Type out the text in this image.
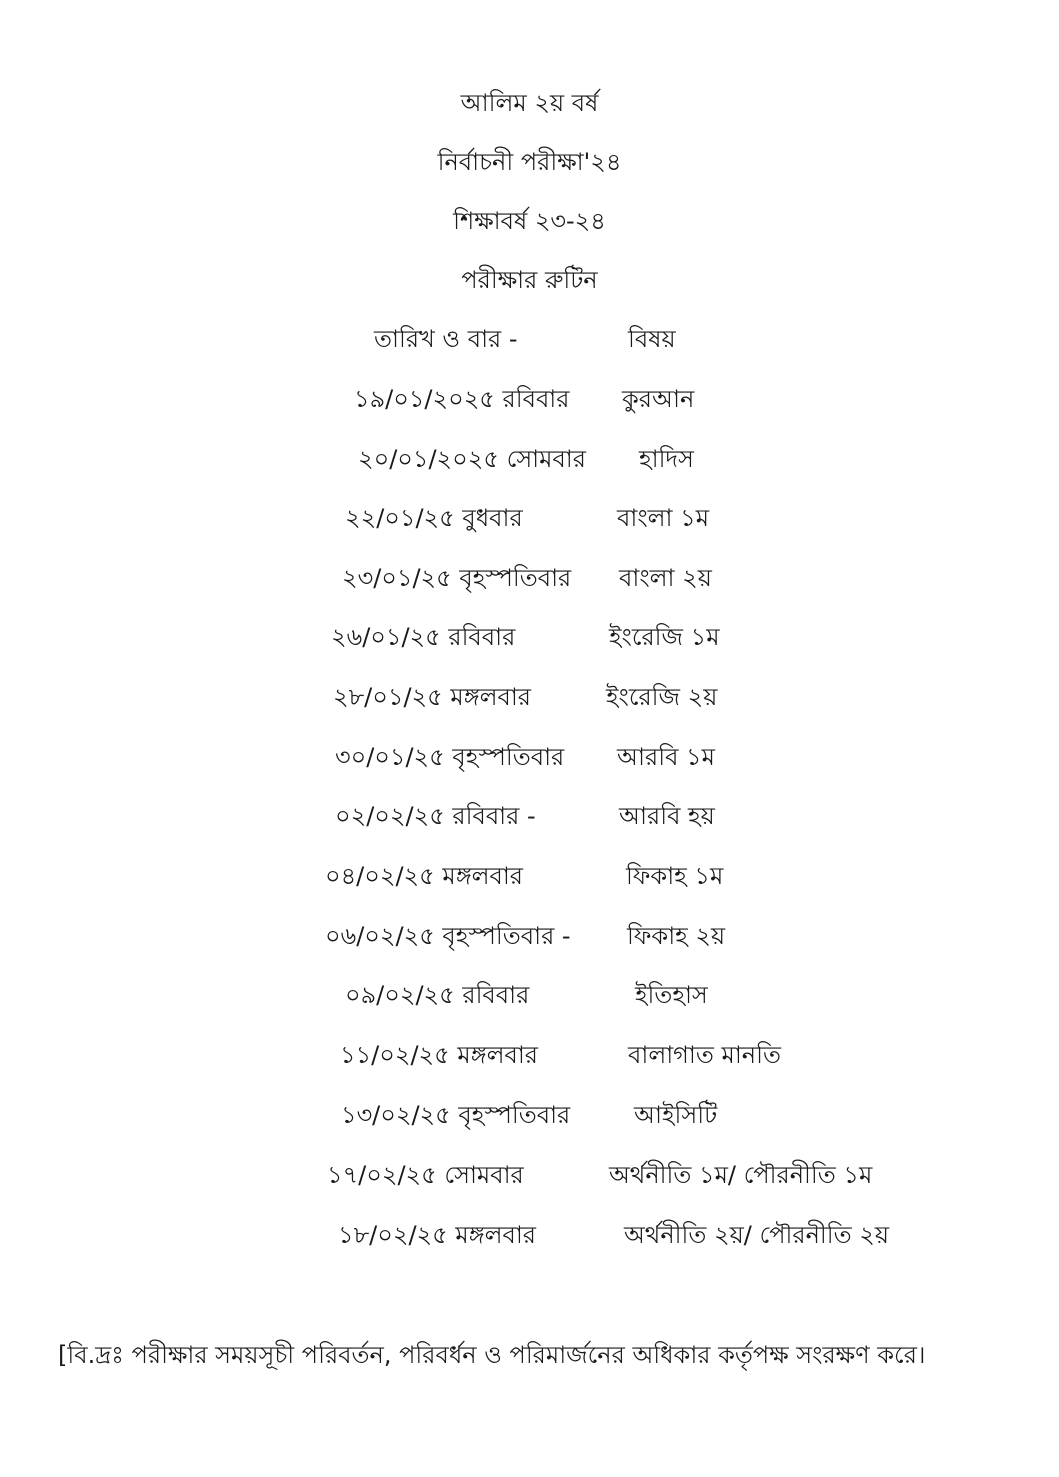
আলিম ২য় বর্ষ
নির্বাচনী পরীক্ষা'২৪
শিক্ষাবর্ষ ২৩-২৪
পরীক্ষার রুটিন
তারিখ ও বার -	বিষয়
১৯/০১/২০২৫ রবিবার কুরআন
২০/০১/২০২৫ সোমবার হাদিস
২২/০১/২৫ বুধবার	বাংলা ১ম
২৩/০১/২৫ বৃহস্পতিবার বাংলা ২য়
২৬/০১/২৫ রবিবার	ইংরেজি ১ম
২৮/০১/২৫ মঙ্গলবার	ইংরেজি ২য়
৩০/০১/২৫ বৃহস্পতিবার আরবি ১ম
০২/০২/২৫ রবিবার -	আরবি হয়
০৪/০২/২৫ মঙ্গলবার	ফিকাহ ১ম
০৬/০২/২৫ বৃহস্পতিবার - ফিকাহ ২য়
০৯/০২/২৫ রবিবার	ইতিহাস
১১/০২/২৫ মঙ্গলবার	বালাগাত মানতি
১৩/০২/২৫ বৃহস্পতিবার	আইসিটি
১৭/০২/২৫ সোমবার	অর্থনীতি ১ম/ পৌরনীতি ১ম
১৮/০২/২৫ মঙ্গলবার	অর্থনীতি ২য়/ পৌরনীতি ২য়
[বি.দ্রঃ পরীক্ষার সময়সূচী পরিবর্তন, পরিবর্ধন ও পরিমার্জনের অধিকার কর্তৃপক্ষ সংরক্ষণ করে।
